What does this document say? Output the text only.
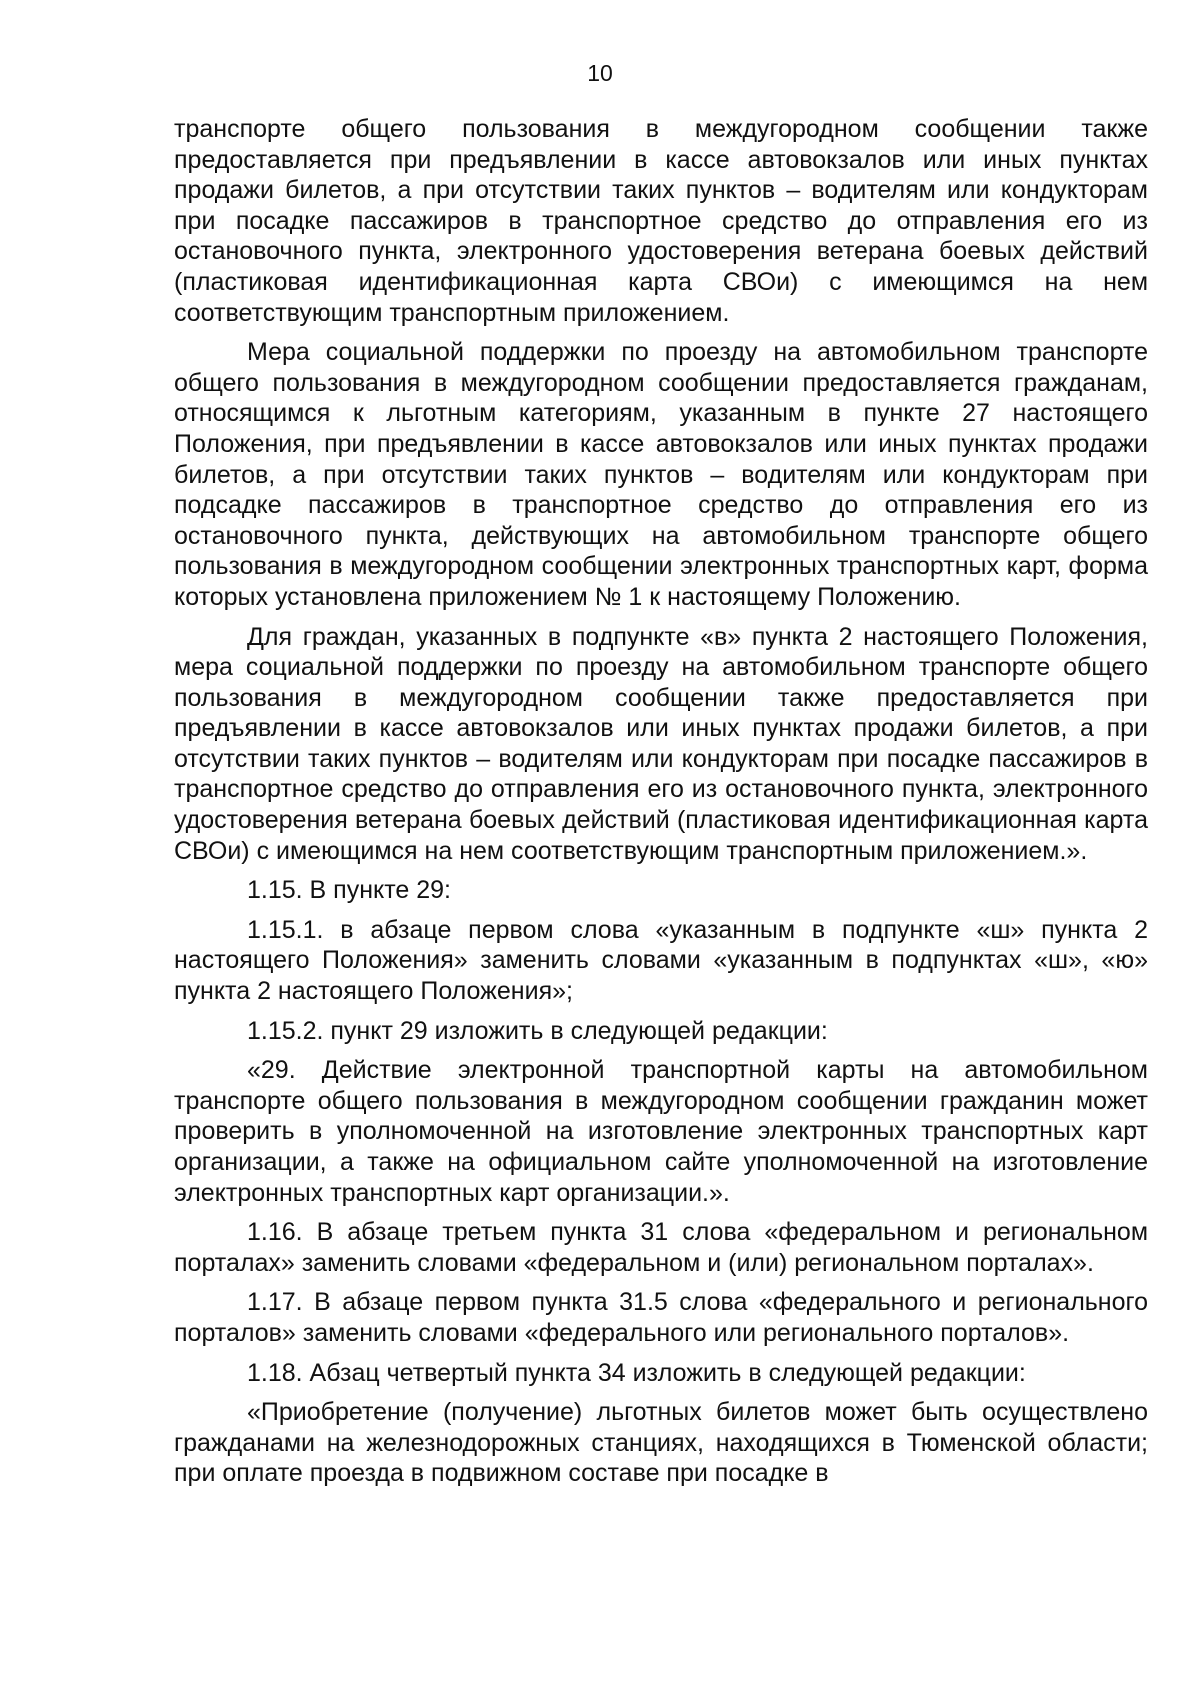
10

транспорте общего пользования в междугородном сообщении также предоставляется при предъявлении в кассе автовокзалов или иных пунктах продажи билетов, а при отсутствии таких пунктов – водителям или кондукторам при посадке пассажиров в транспортное средство до отправления его из остановочного пункта, электронного удостоверения ветерана боевых действий (пластиковая идентификационная карта СВОи) с имеющимся на нем соответствующим транспортным приложением.

Мера социальной поддержки по проезду на автомобильном транспорте общего пользования в междугородном сообщении предоставляется гражданам, относящимся к льготным категориям, указанным в пункте 27 настоящего Положения, при предъявлении в кассе автовокзалов или иных пунктах продажи билетов, а при отсутствии таких пунктов – водителям или кондукторам при подсадке пассажиров в транспортное средство до отправления его из остановочного пункта, действующих на автомобильном транспорте общего пользования в междугородном сообщении электронных транспортных карт, форма которых установлена приложением № 1 к настоящему Положению.

Для граждан, указанных в подпункте «в» пункта 2 настоящего Положения, мера социальной поддержки по проезду на автомобильном транспорте общего пользования в междугородном сообщении также предоставляется при предъявлении в кассе автовокзалов или иных пунктах продажи билетов, а при отсутствии таких пунктов – водителям или кондукторам при посадке пассажиров в транспортное средство до отправления его из остановочного пункта, электронного удостоверения ветерана боевых действий (пластиковая идентификационная карта СВОи) с имеющимся на нем соответствующим транспортным приложением.».

1.15. В пункте 29:

1.15.1. в абзаце первом слова «указанным в подпункте «ш» пункта 2 настоящего Положения» заменить словами «указанным в подпунктах «ш», «ю» пункта 2 настоящего Положения»;

1.15.2. пункт 29 изложить в следующей редакции:

«29. Действие электронной транспортной карты на автомобильном транспорте общего пользования в междугородном сообщении гражданин может проверить в уполномоченной на изготовление электронных транспортных карт организации, а также на официальном сайте уполномоченной на изготовление электронных транспортных карт организации.».

1.16. В абзаце третьем пункта 31 слова «федеральном и региональном порталах» заменить словами «федеральном и (или) региональном порталах».

1.17. В абзаце первом пункта 31.5 слова «федерального и регионального порталов» заменить словами «федерального или регионального порталов».

1.18. Абзац четвертый пункта 34 изложить в следующей редакции:

«Приобретение (получение) льготных билетов может быть осуществлено гражданами на железнодорожных станциях, находящихся в Тюменской области; при оплате проезда в подвижном составе при посадке в
